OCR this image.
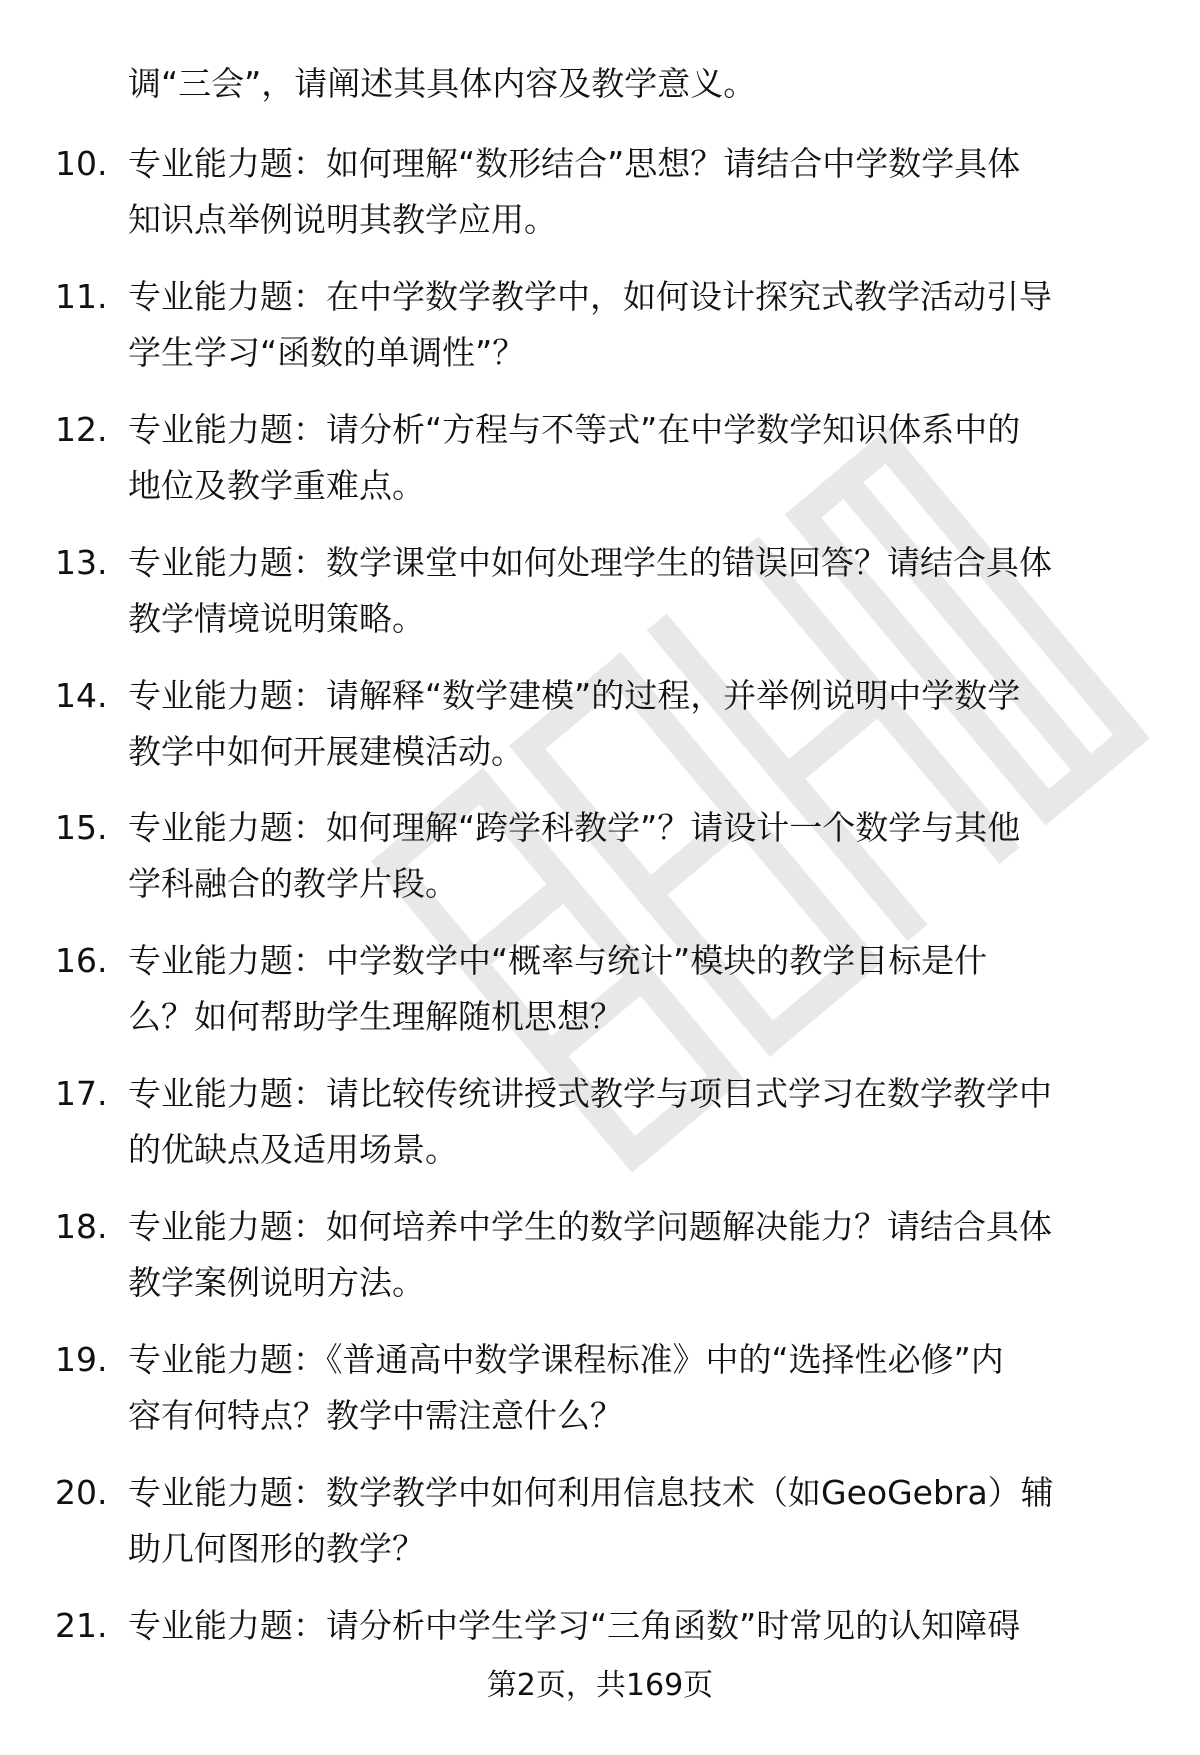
调“三会”，请阐述其具体内容及教学意义。
10. 专业能力题：如何理解“数形结合”思想？请结合中学数学具体
知识点举例说明其教学应用。
11. 专业能力题：在中学数学教学中，如何设计探究式教学活动引导
学生学习“函数的单调性”？
12. 专业能力题：请分析“方程与不等式”在中学数学知识体系中的
地位及教学重难点。
13. 专业能力题：数学课堂中如何处理学生的错误回答？请结合具体
教学情境说明策略。
14. 专业能力题：请解释“数学建模”的过程，并举例说明中学数学
教学中如何开展建模活动。
15. 专业能力题：如何理解“跨学科教学”？请设计一个数学与其他
学科融合的教学片段。
16. 专业能力题：中学数学中“概率与统计”模块的教学目标是什
么？如何帮助学生理解随机思想？
17. 专业能力题：请比较传统讲授式教学与项目式学习在数学教学中
的优缺点及适用场景。
18. 专业能力题：如何培养中学生的数学问题解决能力？请结合具体
教学案例说明方法。
19. 专业能力题：《普通高中数学课程标准》中的“选择性必修”内
容有何特点？教学中需注意什么？
20. 专业能力题：数学教学中如何利用信息技术（如GeoGebra）辅
助几何图形的教学？
21. 专业能力题：请分析中学生学习“三角函数”时常见的认知障碍
第2页，共169页
